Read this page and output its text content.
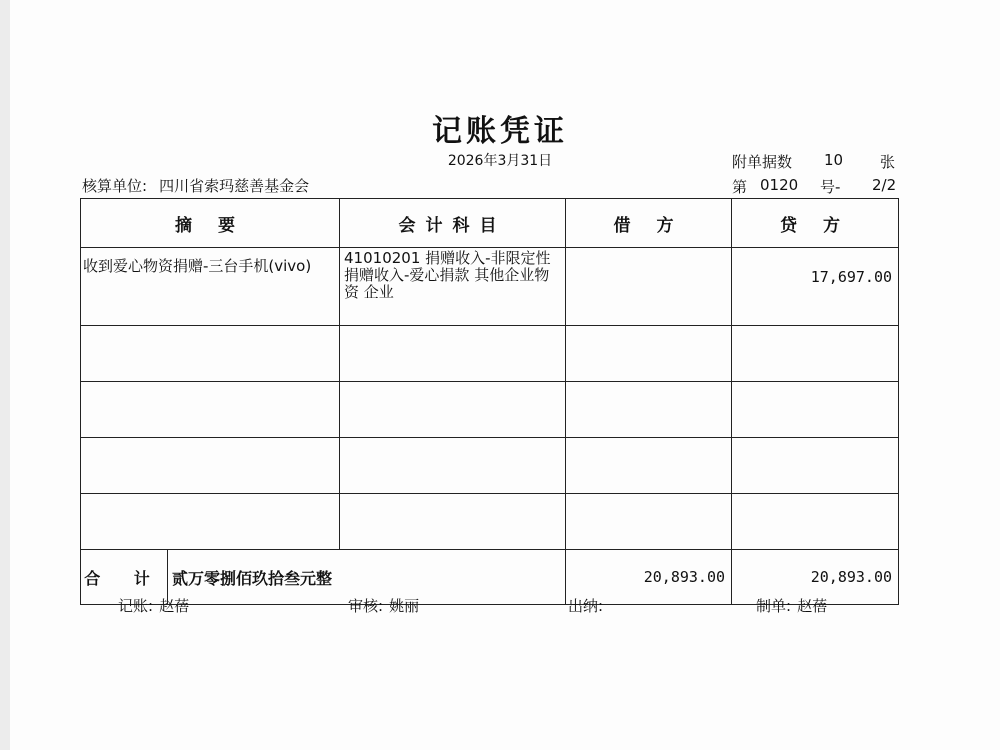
记账凭证
2026年3月31日	附单据数	10 张
核算单位: 四川省索玛慈善基金会	第 0120 号- 2/2
摘 要		会计科目	借 方	贷 方
收到爱心物资捐赠-三台手机(vivo)		41010201 捐赠收入-非限定性捐赠收入-爱心捐款 其他企业物资 企业		17,697.00

合 计	贰万零捌佰玖拾叁元整		20,893.00	20,893.00
记账: 赵蓓	审核: 姚丽	出纳:	制单: 赵蓓
